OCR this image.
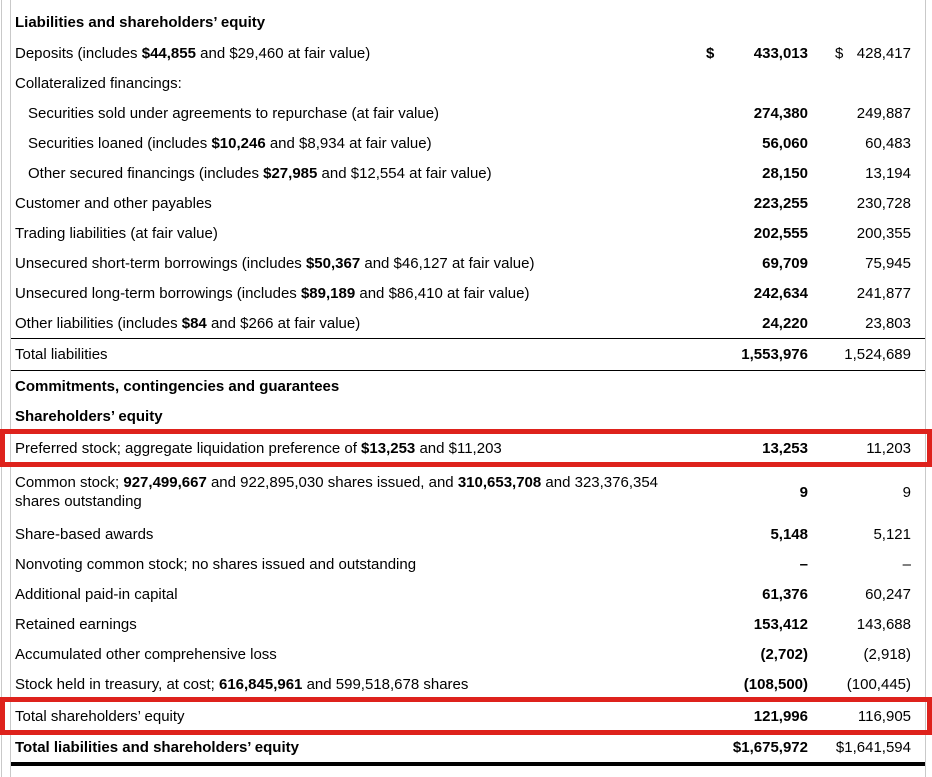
Liabilities and shareholders’ equity
Deposits (includes $44,855 and $29,460 at fair value)	$	433,013 $ 428,417
Collateralized financings:
Securities sold under agreements to repurchase (at fair value)	274,380	249,887
Securities loaned (includes $10,246 and $8,934 at fair value)	56,060	60,483
Other secured financings (includes $27,985 and $12,554 at fair value)	28,150	13,194
Customer and other payables	223,255	230,728
Trading liabilities (at fair value)	202,555	200,355
Unsecured short-term borrowings (includes $50,367 and $46,127 at fair value)	69,709	75,945
Unsecured long-term borrowings (includes $89,189 and $86,410 at fair value)	242,634	241,877
Other liabilities (includes $84 and $266 at fair value)	24,220	23,803
Total liabilities	1,553,976 1,524,689
Commitments, contingencies and guarantees
Shareholders’ equity
Preferred stock; aggregate liquidation preference of $13,253 and $11,203	13,253	11,203
Common stock; 927,499,667 and 922,895,030 shares issued, and 310,653,708 and 323,376,354 shares outstanding
9	9
Share-based awards	5,148	5,121
Nonvoting common stock; no shares issued and outstanding	–	–
Additional paid-in capital	61,376	60,247
Retained earnings	153,412	143,688
Accumulated other comprehensive loss	(2,702)	(2,918)
Stock held in treasury, at cost; 616,845,961 and 599,518,678 shares	(108,500)	(100,445)
Total shareholders’ equity	121,996	116,905
Total liabilities and shareholders’ equity	$1,675,972 $1,641,594
